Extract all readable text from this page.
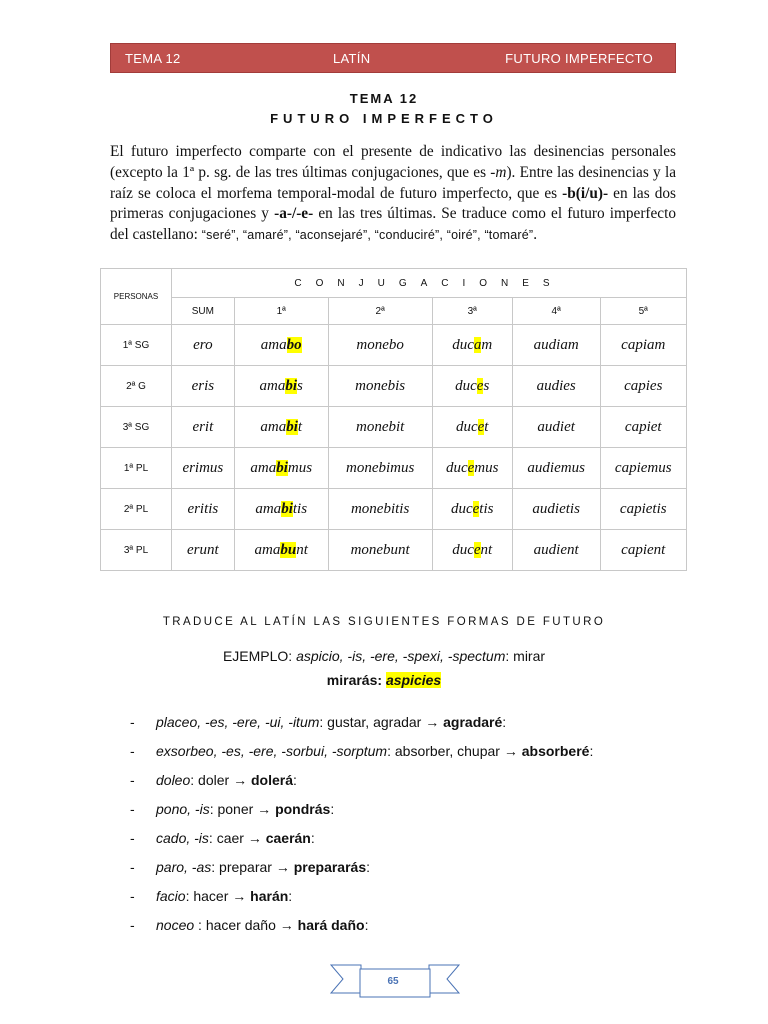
TEMA 12	LATÍN	FUTURO IMPERFECTO
TEMA 12
FUTURO IMPERFECTO
El futuro imperfecto comparte con el presente de indicativo las desinencias personales (excepto la 1ª p. sg. de las tres últimas conjugaciones, que es -m). Entre las desinencias y la raíz se coloca el morfema temporal-modal de futuro imperfecto, que es -b(i/u)- en las dos primeras conjugaciones y -a-/-e- en las tres últimas. Se traduce como el futuro imperfecto del castellano: “seré”, “amaré”, “aconsejaré”, “conduciré”, “oiré”, “tomaré”.
PERSONAS	CONJUGACIONES					
	SUM	1ª	2ª	3ª	4ª	5ª
1ª SG	ero	amabo	monebo	ducam	audiam	capiam
2ª G	eris	amabis	monebis	duces	audies	capies
3ª SG	erit	amabit	monebit	ducet	audiet	capiet
1ª PL	erimus	amabimus	monebimus	ducemus	audiemus	capiemus
2ª PL	eritis	amabitis	monebitis	ducetis	audietis	capietis
3ª PL	erunt	amabunt	monebunt	ducent	audient	capient
TRADUCE AL LATÍN LAS SIGUIENTES FORMAS DE FUTURO
EJEMPLO: aspicio, -is, -ere, -spexi, -spectum: mirar
mirarás: aspicies
- placeo, -es, -ere, -ui, -itum: gustar, agradar → agradaré:
- exsorbeo, -es, -ere, -sorbui, -sorptum: absorber, chupar → absorberé:
- doleo: doler → dolerá:
- pono, -is: poner → pondrás:
- cado, -is: caer → caerán:
- paro, -as: preparar → prepararás:
- facio: hacer → harán:
- noceo : hacer daño → hará daño:
65
